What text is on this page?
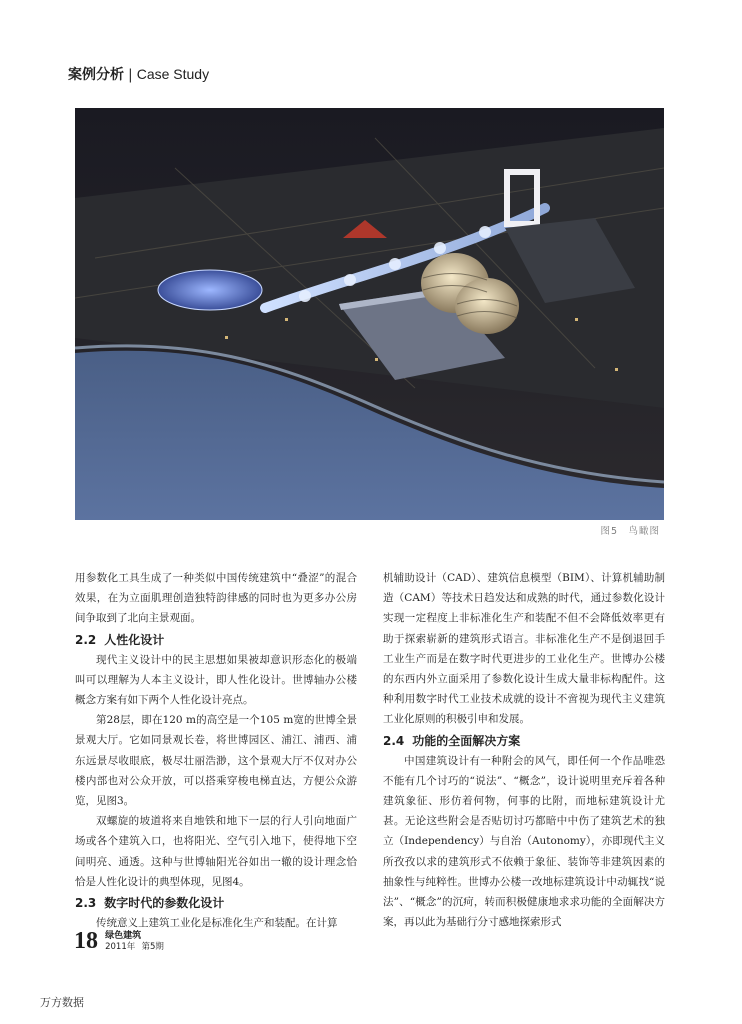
案例分析 | Case Study
图5　鸟瞰图

用参数化工具生成了一种类似中国传统建筑中“叠涩”的混合效果，在为立面肌理创造独特韵律感的同时也为更多办公房间争取到了北向主景观面。

2.2 人性化设计

现代主义设计中的民主思想如果被却意识形态化的极端叫可以理解为人本主义设计，即人性化设计。世博轴办公楼概念方案有如下两个人性化设计亮点。

第28层，即在120 m的高空是一个105 m宽的世博全景景观大厅。它如同景观长卷，将世博园区、浦江、浦西、浦东远景尽收眼底，极尽壮丽浩渺，这个景观大厅不仅对办公楼内部也对公众开放，可以搭乘穿梭电梯直达，方便公众游览，见图3。

双螺旋的坡道将来自地铁和地下一层的行人引向地面广场或各个建筑入口，也将阳光、空气引入地下，使得地下空间明亮、通透。这种与世博轴阳光谷如出一辙的设计理念恰恰是人性化设计的典型体现，见图4。

2.3 数字时代的参数化设计

传统意义上建筑工业化是标准化生产和装配。在计算

机辅助设计（CAD）、建筑信息模型（BIM）、计算机辅助制造（CAM）等技术日趋发达和成熟的时代，通过参数化设计实现一定程度上非标准化生产和装配不但不会降低效率更有助于探索崭新的建筑形式语言。非标准化生产不是倒退回手工业生产而是在数字时代更进步的工业化生产。世博办公楼的东西内外立面采用了参数化设计生成大量非标构配件。这种利用数字时代工业技术成就的设计不啻视为现代主义建筑工业化原则的积极引申和发展。

2.4 功能的全面解决方案

中国建筑设计有一种附会的风气，即任何一个作品唯恐不能有几个讨巧的“说法”、“概念”，设计说明里充斥着各种建筑象征、形仿着何物，何事的比附，而地标建筑设计尤甚。无论这些附会是否贴切讨巧都暗中中伤了建筑艺术的独立（Independency）与自治（Autonomy），亦即现代主义所孜孜以求的建筑形式不依赖于象征、装饰等非建筑因素的抽象性与纯粹性。世博办公楼一改地标建筑设计中动辄找“说法”、“概念”的沉疴，转而积极健康地求求功能的全面解决方案，再以此为基础行分寸感地探索形式

18 绿色建筑
2011年 第5期
万方数据
